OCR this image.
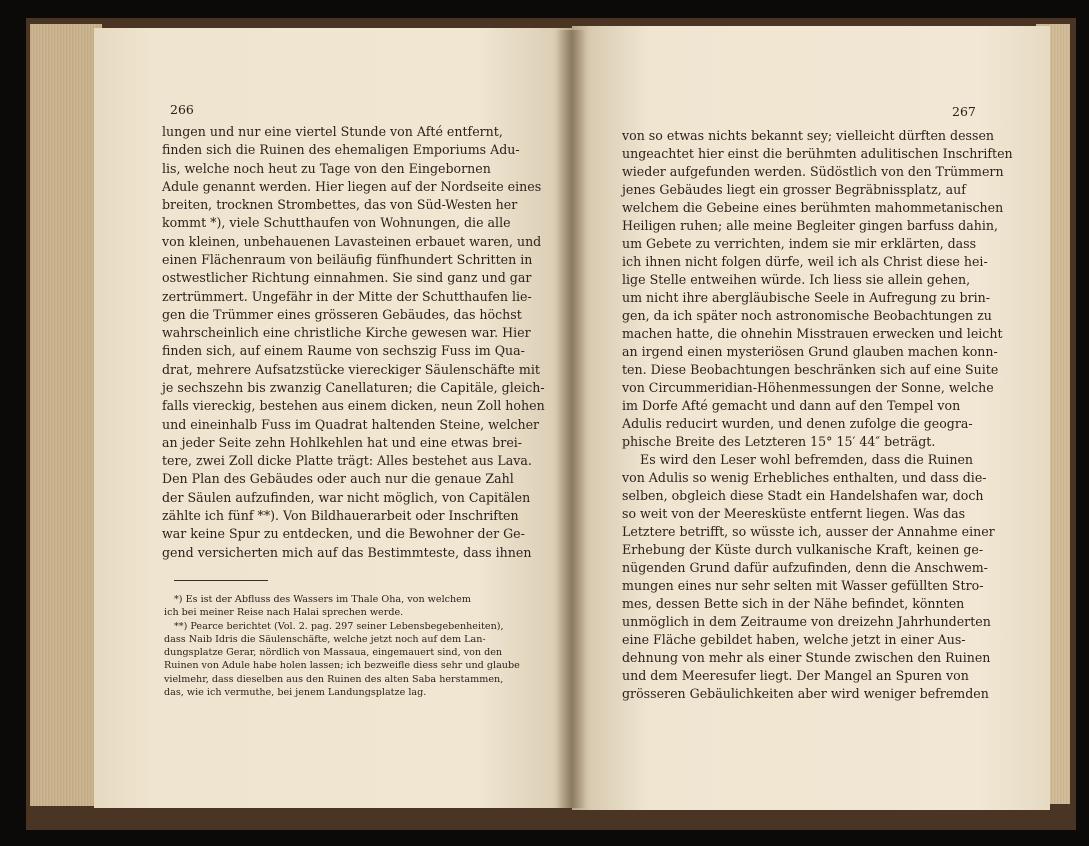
266
lungen und nur eine viertel Stunde von Afté entfernt,
finden sich die Ruinen des ehemaligen Emporiums Adu-
lis, welche noch heut zu Tage von den Eingebornen
Adule genannt werden. Hier liegen auf der Nordseite eines
breiten, trocknen Strombettes, das von Süd-Westen her
kommt *), viele Schutthaufen von Wohnungen, die alle
von kleinen, unbehauenen Lavasteinen erbauet waren, und
einen Flächenraum von beiläufig fünfhundert Schritten in
ostwestlicher Richtung einnahmen. Sie sind ganz und gar
zertrümmert. Ungefähr in der Mitte der Schutthaufen lie-
gen die Trümmer eines grösseren Gebäudes, das höchst
wahrscheinlich eine christliche Kirche gewesen war. Hier
finden sich, auf einem Raume von sechszig Fuss im Qua-
drat, mehrere Aufsatzstücke viereckiger Säulenschäfte mit
je sechszehn bis zwanzig Canellaturen; die Capitäle, gleich-
falls viereckig, bestehen aus einem dicken, neun Zoll hohen
und eineinhalb Fuss im Quadrat haltenden Steine, welcher
an jeder Seite zehn Hohlkehlen hat und eine etwas brei-
tere, zwei Zoll dicke Platte trägt: Alles bestehet aus Lava.
Den Plan des Gebäudes oder auch nur die genaue Zahl
der Säulen aufzufinden, war nicht möglich, von Capitälen
zählte ich fünf **). Von Bildhauerarbeit oder Inschriften
war keine Spur zu entdecken, und die Bewohner der Ge-
gend versicherten mich auf das Bestimmteste, dass ihnen
*) Es ist der Abfluss des Wassers im Thale Oha, von welchem
ich bei meiner Reise nach Halai sprechen werde.
**) Pearce berichtet (Vol. 2. pag. 297 seiner Lebensbegebenheiten),
dass Naib Idris die Säulenschäfte, welche jetzt noch auf dem Lan-
dungsplatze Gerar, nördlich von Massaua, eingemauert sind, von den
Ruinen von Adule habe holen lassen; ich bezweifle diess sehr und glaube
vielmehr, dass dieselben aus den Ruinen des alten Saba herstammen,
das, wie ich vermuthe, bei jenem Landungsplatze lag.
267
von so etwas nichts bekannt sey; vielleicht dürften dessen
ungeachtet hier einst die berühmten adulitischen Inschriften
wieder aufgefunden werden. Südöstlich von den Trümmern
jenes Gebäudes liegt ein grosser Begräbnissplatz, auf
welchem die Gebeine eines berühmten mahommetanischen
Heiligen ruhen; alle meine Begleiter gingen barfuss dahin,
um Gebete zu verrichten, indem sie mir erklärten, dass
ich ihnen nicht folgen dürfe, weil ich als Christ diese hei-
lige Stelle entweihen würde. Ich liess sie allein gehen,
um nicht ihre abergläubische Seele in Aufregung zu brin-
gen, da ich später noch astronomische Beobachtungen zu
machen hatte, die ohnehin Misstrauen erwecken und leicht
an irgend einen mysteriösen Grund glauben machen konn-
ten. Diese Beobachtungen beschränken sich auf eine Suite
von Circummeridian-Höhenmessungen der Sonne, welche
im Dorfe Afté gemacht und dann auf den Tempel von
Adulis reducirt wurden, und denen zufolge die geogra-
phische Breite des Letzteren 15° 15′ 44″ beträgt.
Es wird den Leser wohl befremden, dass die Ruinen
von Adulis so wenig Erhebliches enthalten, und dass die-
selben, obgleich diese Stadt ein Handelshafen war, doch
so weit von der Meeresküste entfernt liegen. Was das
Letztere betrifft, so wüsste ich, ausser der Annahme einer
Erhebung der Küste durch vulkanische Kraft, keinen ge-
nügenden Grund dafür aufzufinden, denn die Anschwem-
mungen eines nur sehr selten mit Wasser gefüllten Stro-
mes, dessen Bette sich in der Nähe befindet, könnten
unmöglich in dem Zeitraume von dreizehn Jahrhunderten
eine Fläche gebildet haben, welche jetzt in einer Aus-
dehnung von mehr als einer Stunde zwischen den Ruinen
und dem Meeresufer liegt. Der Mangel an Spuren von
grösseren Gebäulichkeiten aber wird weniger befremden
